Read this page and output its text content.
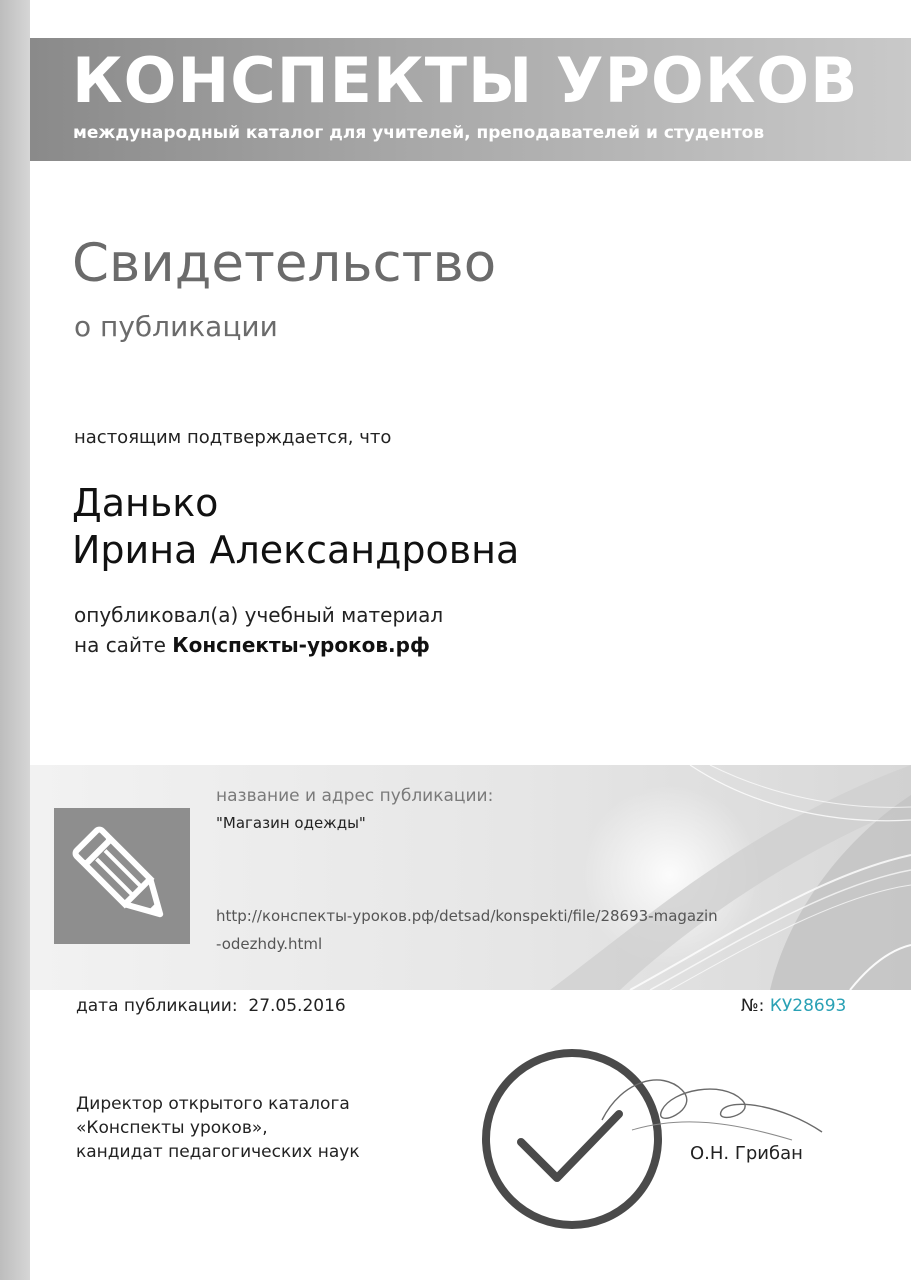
КОНСПЕКТЫ УРОКОВ
международный каталог для учителей, преподавателей и студентов
Свидетельство
о публикации
настоящим подтверждается, что
Данько
Ирина Александровна
опубликовал(а) учебный материал
на сайте Конспекты-уроков.рф
название и адрес публикации:
"Магазин одежды"
http://конспекты-уроков.рф/detsad/konspekti/file/28693-magazin
-odezhdy.html
дата публикации: 27.05.2016	№: КУ28693
Директор открытого каталога
«Конспекты уроков»,
кандидат педагогических наук	О.Н. Грибан
